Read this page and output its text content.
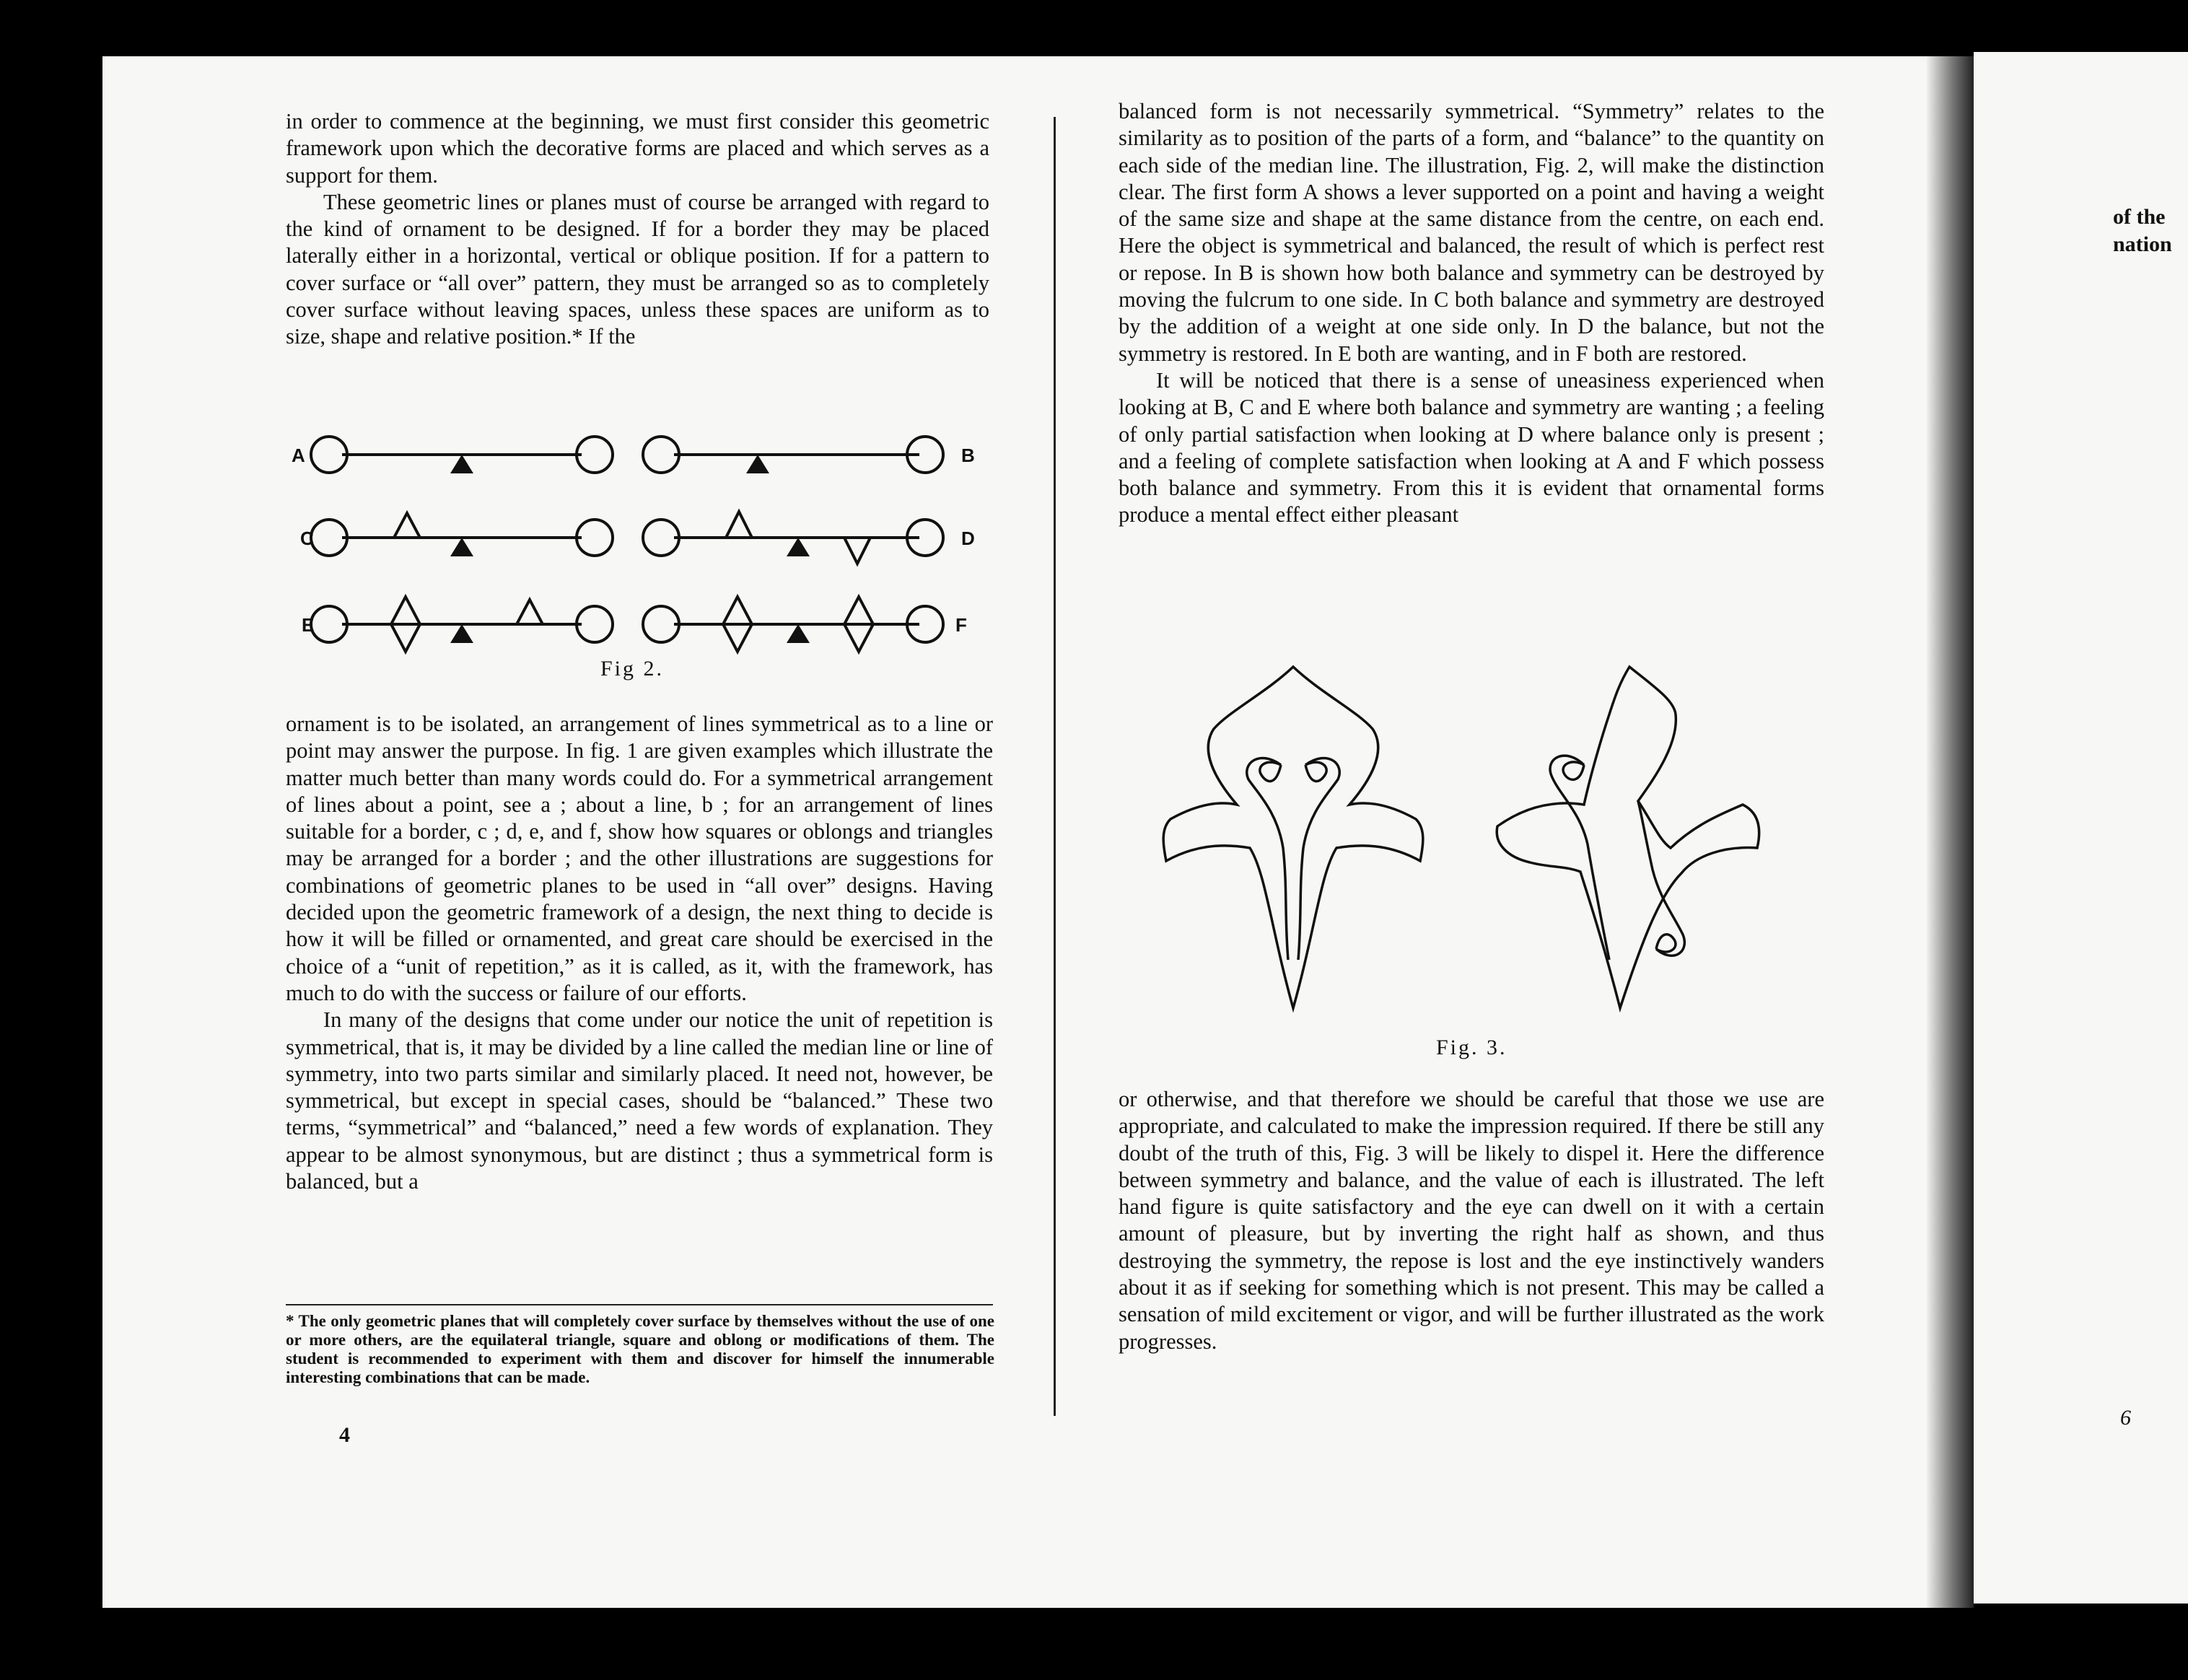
in order to commence at the beginning, we must first consider this geometric framework upon which the decorative forms are placed and which serves as a support for them.

These geometric lines or planes must of course be arranged with regard to the kind of ornament to be designed. If for a border they may be placed laterally either in a horizontal, vertical or oblique position. If for a pattern to cover surface or “all over” pattern, they must be arranged so as to completely cover surface without leaving spaces, unless these spaces are uniform as to size, shape and relative position.* If the

A	B
C	D
E	F
Fig 2.

ornament is to be isolated, an arrangement of lines symmetrical as to a line or point may answer the purpose. In fig. 1 are given examples which illustrate the matter much better than many words could do. For a symmetrical arrangement of lines about a point, see a ; about a line, b ; for an arrangement of lines suitable for a border, c ; d, e, and f, show how squares or oblongs and triangles may be arranged for a border ; and the other illustrations are suggestions for combinations of geometric planes to be used in “all over” designs. Having decided upon the geometric framework of a design, the next thing to decide is how it will be filled or ornamented, and great care should be exercised in the choice of a “unit of repetition,” as it is called, as it, with the framework, has much to do with the success or failure of our efforts.

In many of the designs that come under our notice the unit of repetition is symmetrical, that is, it may be divided by a line called the median line or line of symmetry, into two parts similar and similarly placed. It need not, however, be symmetrical, but except in special cases, should be “balanced.” These two terms, “symmetrical” and “balanced,” need a few words of explanation. They appear to be almost synonymous, but are distinct ; thus a symmetrical form is balanced, but a

* The only geometric planes that will completely cover surface by themselves without the use of one or more others, are the equilateral triangle, square and oblong or modifications of them. The student is recommended to experiment with them and discover for himself the innumerable interesting combinations that can be made.
4

balanced form is not necessarily symmetrical. “Symmetry” relates to the similarity as to position of the parts of a form, and “balance” to the quantity on each side of the median line. The illustration, Fig. 2, will make the distinction clear. The first form A shows a lever supported on a point and having a weight of the same size and shape at the same distance from the centre, on each end. Here the object is symmetrical and balanced, the result of which is perfect rest or repose. In B is shown how both balance and symmetry can be destroyed by moving the fulcrum to one side. In C both balance and symmetry are destroyed by the addition of a weight at one side only. In D the balance, but not the symmetry is restored. In E both are wanting, and in F both are restored.

It will be noticed that there is a sense of uneasiness experienced when looking at B, C and E where both balance and symmetry are wanting ; a feeling of only partial satisfaction when looking at D where balance only is present ; and a feeling of complete satisfaction when looking at A and F which possess both balance and symmetry. From this it is evident that ornamental forms produce a mental effect either pleasant

Fig. 3.

or otherwise, and that therefore we should be careful that those we use are appropriate, and calculated to make the impression required. If there be still any doubt of the truth of this, Fig. 3 will be likely to dispel it. Here the difference between symmetry and balance, and the value of each is illustrated. The left hand figure is quite satisfactory and the eye can dwell on it with a certain amount of pleasure, but by inverting the right half as shown, and thus destroying the symmetry, the repose is lost and the eye instinctively wanders about it as if seeking for something which is not present. This may be called a sensation of mild excitement or vigor, and will be further illustrated as the work progresses.

of the
nation
6
